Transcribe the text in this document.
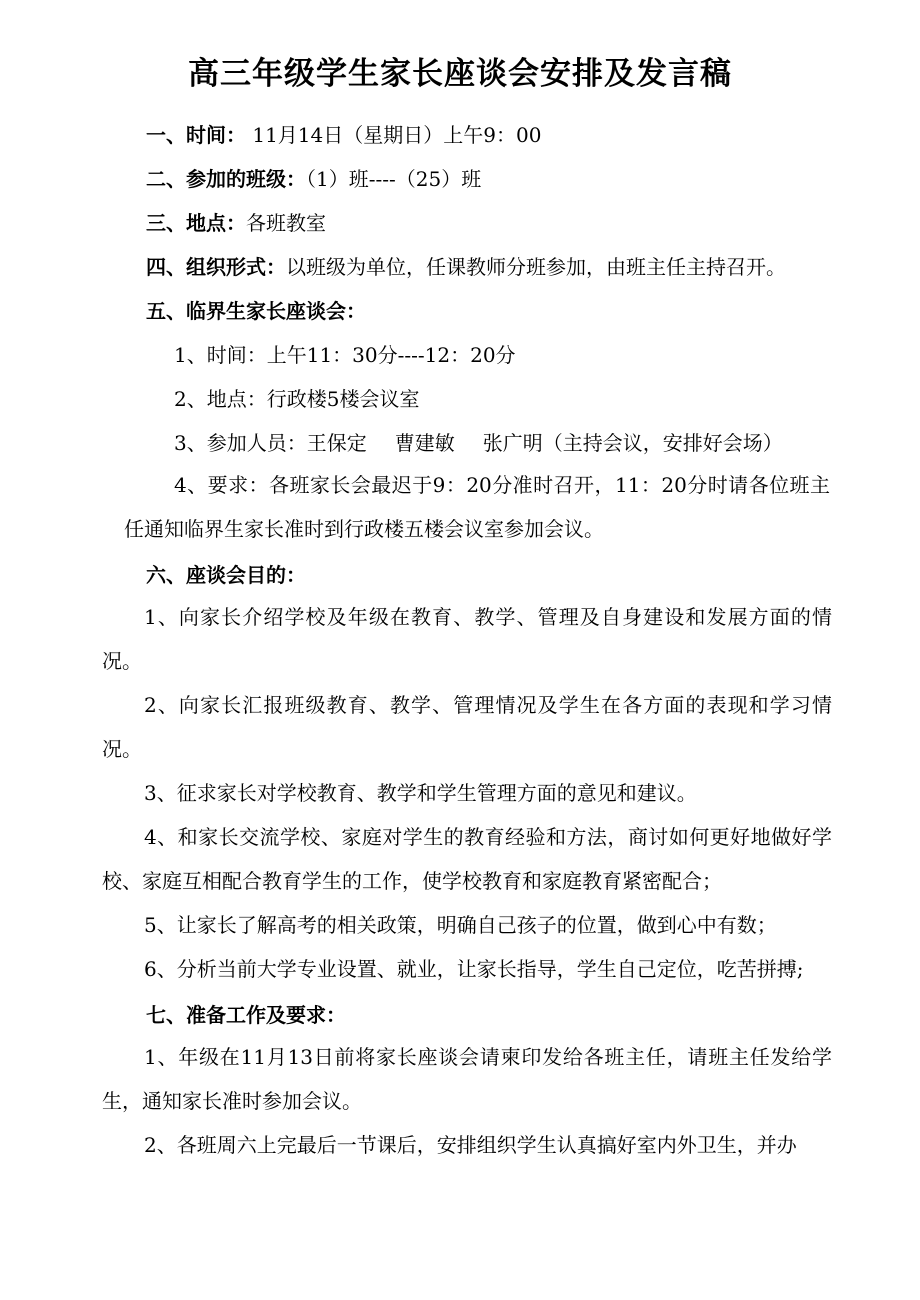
高三年级学生家长座谈会安排及发言稿

一、时间： 11月14日（星期日）上午9：00

二、参加的班级：（1）班----（25）班

三、地点：各班教室

四、组织形式：以班级为单位，任课教师分班参加，由班主任主持召开。

五、临界生家长座谈会：

1、时间：上午11：30分----12：20分

2、地点：行政楼5楼会议室

3、参加人员：王保定 曹建敏 张广明（主持会议，安排好会场）

4、要求：各班家长会最迟于9：20分准时召开，11：20分时请各位班主任通知临界生家长准时到行政楼五楼会议室参加会议。

六、座谈会目的：

1、向家长介绍学校及年级在教育、教学、管理及自身建设和发展方面的情况。

2、向家长汇报班级教育、教学、管理情况及学生在各方面的表现和学习情况。

3、征求家长对学校教育、教学和学生管理方面的意见和建议。

4、和家长交流学校、家庭对学生的教育经验和方法，商讨如何更好地做好学校、家庭互相配合教育学生的工作，使学校教育和家庭教育紧密配合；

5、让家长了解高考的相关政策，明确自己孩子的位置，做到心中有数；

6、分析当前大学专业设置、就业，让家长指导，学生自己定位，吃苦拼搏;

七、准备工作及要求：

1、年级在11月13日前将家长座谈会请柬印发给各班主任，请班主任发给学生，通知家长准时参加会议。

2、各班周六上完最后一节课后，安排组织学生认真搞好室内外卫生，并办
